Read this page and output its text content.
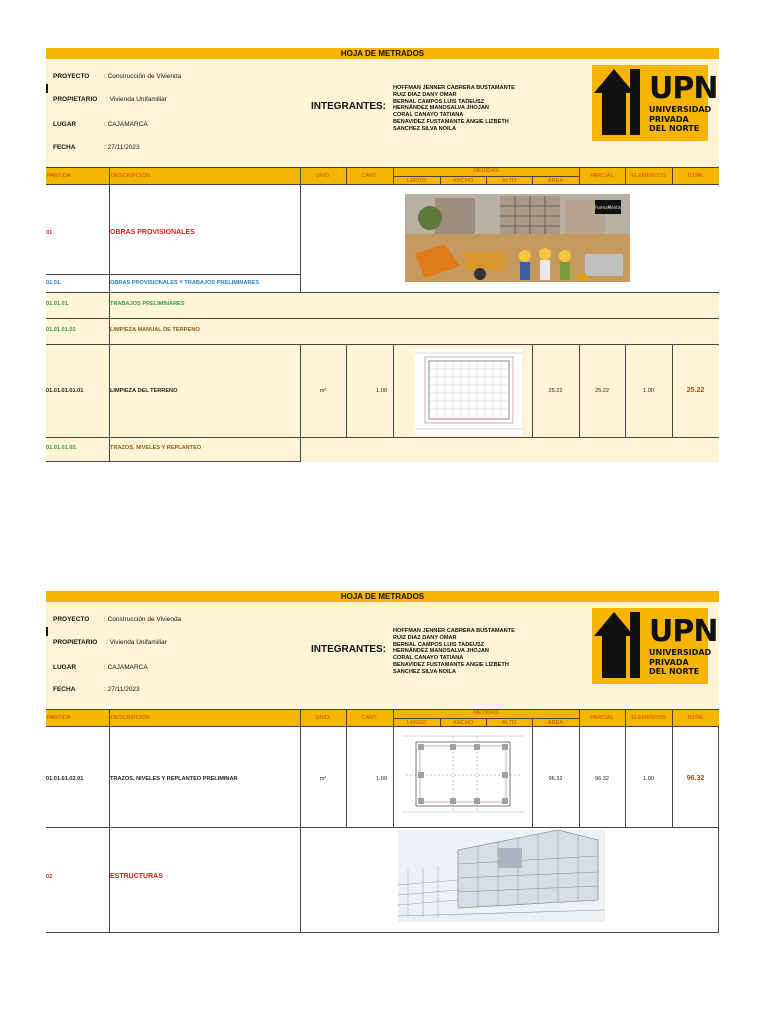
HOJA DE METRADOS
PROYECTO : Construcción de Vivienda
PROPIETARIO : Vivienda Unifamiliar
LUGAR	: CAJAMARCA
FECHA	: 27/11/2023
INTEGRANTES:
HOFFMAN JENNER CABRERA BUSTAMANTE
RUIZ DIAZ DANY OMAR
BERNAL CAMPOS LUIS TADEUSZ
HERNÁNDEZ MANOSALVA JHOJAN
CORAL CANAYO TATIANA
BENAVIDEZ FUSTAMANTE ANGIE LIZBETH
SANCHEZ SILVA NOILA
UPN
UNIVERSIDAD
PRIVADA
DEL NORTE
PARTIDA	DESCRIPCIÓN	UNID.	CANT.
MEDIDAS
LARGO	ANCHO	ALTO	ÁREA
PARCIAL	ELEMENTOS	TOTAL
01	OBRAS PROVISIONALES
FormaMentis
01.01.	OBRAS PROVISIONALES Y TRABAJOS PRELIMINARES
01.01.01.	TRABAJOS PRELIMINARES
01.01.01.01	LIMPIEZA MANUAL DE TERRENO
01.01.01.01.01	LIMPIEZA DEL TERRENO	m²	1.00	25.22	25.22	1.00	25.22
01.01.01.02.	TRAZOS, NIVELES Y REPLANTEO
HOJA DE METRADOS
PROYECTO : Construcción de Vivienda
PROPIETARIO : Vivienda Unifamiliar
LUGAR	: CAJAMARCA
FECHA	: 27/11/2023
INTEGRANTES:
HOFFMAN JENNER CABRERA BUSTAMANTE
RUIZ DIAZ DANY OMAR
BERNAL CAMPOS LUIS TADEUSZ
HERNÁNDEZ MANOSALVA JHOJAN
CORAL CANAYO TATIANA
BENAVIDEZ FUSTAMANTE ANGIE LIZBETH
SANCHEZ SILVA NOILA
UPN
UNIVERSIDAD
PRIVADA
DEL NORTE
PARTIDA	DESCRIPCIÓN	UNID.	CANT.
MEDIDAS
LARGO	ANCHO	ALTO	ÁREA
PARCIAL	ELEMENTOS	TOTAL
01.01.01.02.01	TRAZOS, NIVELES Y REPLANTEO PRELIMINAR	m²	1.00	96.32	96.32	1.00	96.32
02	ESTRUCTURAS
